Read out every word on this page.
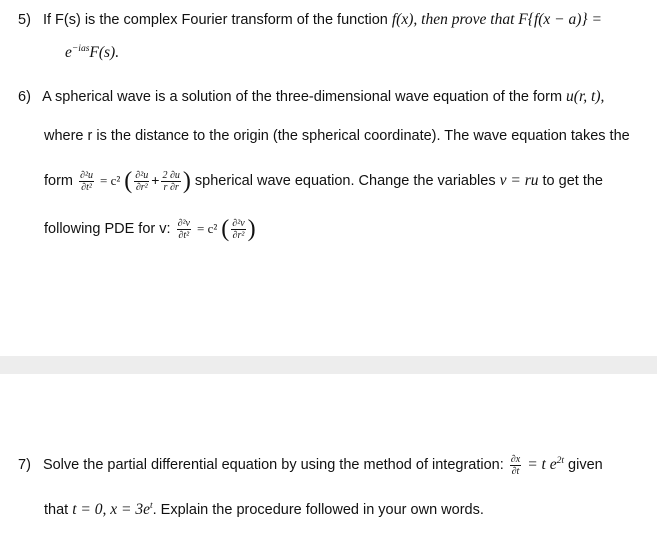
5) If F(s) is the complex Fourier transform of the function f(x), then prove that F{f(x − a)} =
$e^{-ias}F(s)$.
6) A spherical wave is a solution of the three-dimensional wave equation of the form u(r, t),
where r is the distance to the origin (the spherical coordinate). The wave equation takes the
form $\frac{\text{∂²u}}{\text{∂t²}} = c^2$ ( $\frac{\text{∂²u}}{\text{∂r²}} + \frac{2 \partial u}{r \partial r}$ ) spherical wave equation. Change the variables v = ru to get the
following PDE for v: $\frac{\text{∂²v}}{\text{∂t²}} = c^2$ ( $\frac{\text{∂²v}}{\text{∂r²}}$ )
7) Solve the partial differential equation by using the method of integration: $\frac{\partial x}{\partial t} = t$ $e^{2t}$ given
that t = 0, $x = 3e^t$. Explain the procedure followed in your own words.
